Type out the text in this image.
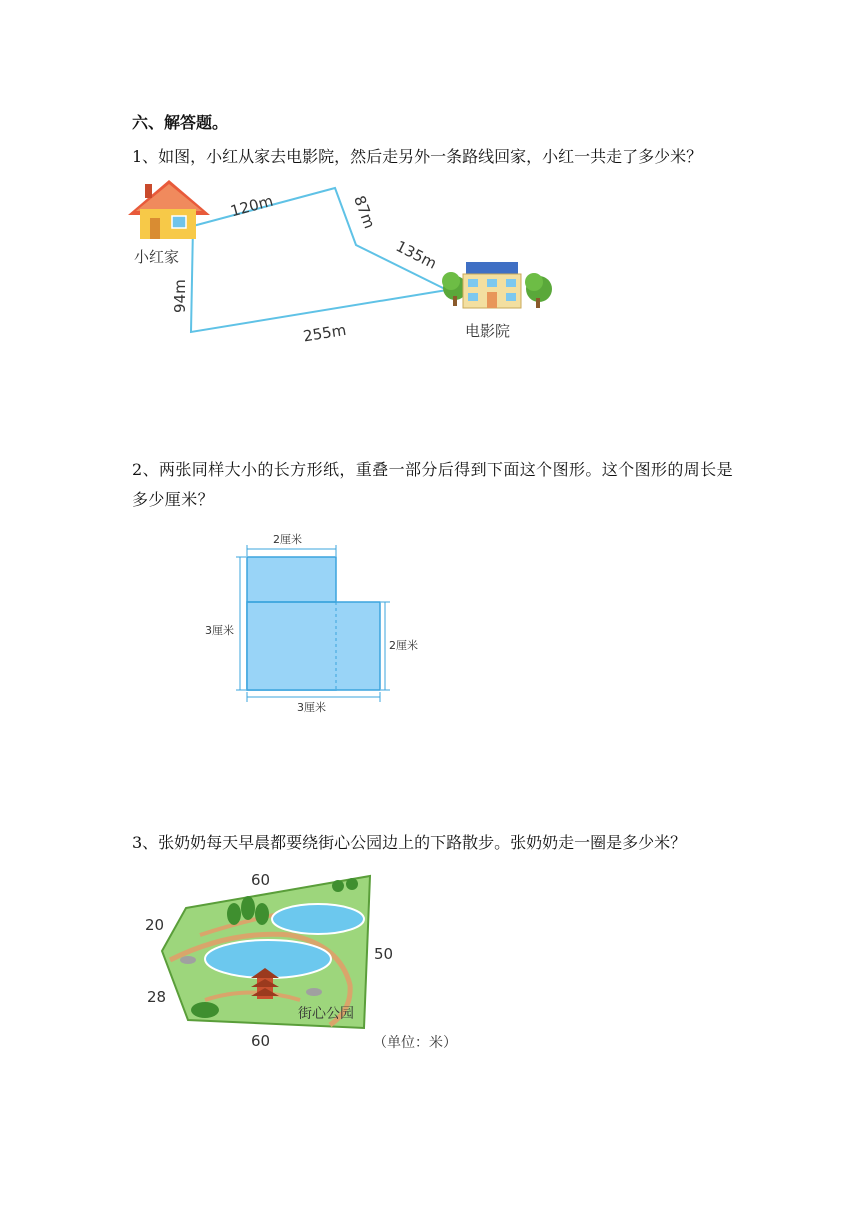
六、解答题。
1、如图，小红从家去电影院，然后走另外一条路线回家，小红一共走了多少米？
小红家
电影院
120m	87m
135m
255m
94m
2、两张同样大小的长方形纸，重叠一部分后得到下面这个图形。这个图形的周长是多少厘米？
2厘米
3厘米
2厘米
3厘米
3、张奶奶每天早晨都要绕街心公园边上的下路散步。张奶奶走一圈是多少米？
街心公园
60
20
50
28
60	（单位：米）
